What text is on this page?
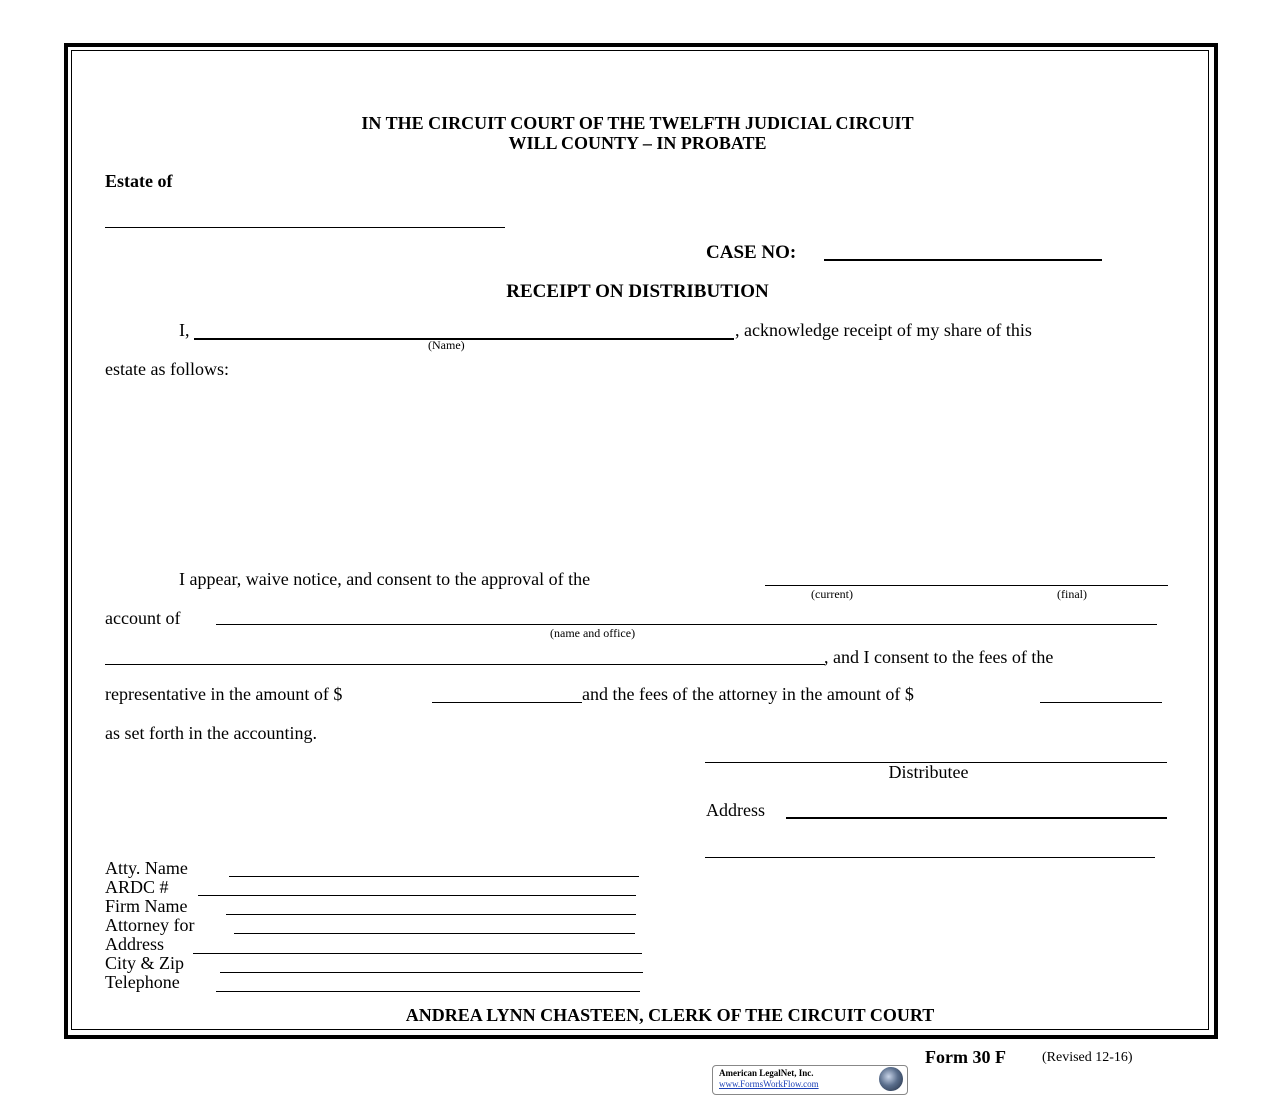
IN THE CIRCUIT COURT OF THE TWELFTH JUDICIAL CIRCUIT
WILL COUNTY – IN PROBATE
Estate of
CASE NO:
RECEIPT ON DISTRIBUTION
I,	, acknowledge receipt of my share of this
(Name)
estate as follows:
I appear, waive notice, and consent to the approval of the
(current)	(final)
account of
(name and office)
, and I consent to the fees of the
representative in the amount of $	and the fees of the attorney in the amount of $
as set forth in the accounting.
Distributee
Address
Atty. Name
ARDC #
Firm Name
Attorney for
Address
City & Zip
Telephone
ANDREA LYNN CHASTEEN, CLERK OF THE CIRCUIT COURT
Form 30 F	(Revised 12-16)
American LegalNet, Inc.
www.FormsWorkFlow.com
